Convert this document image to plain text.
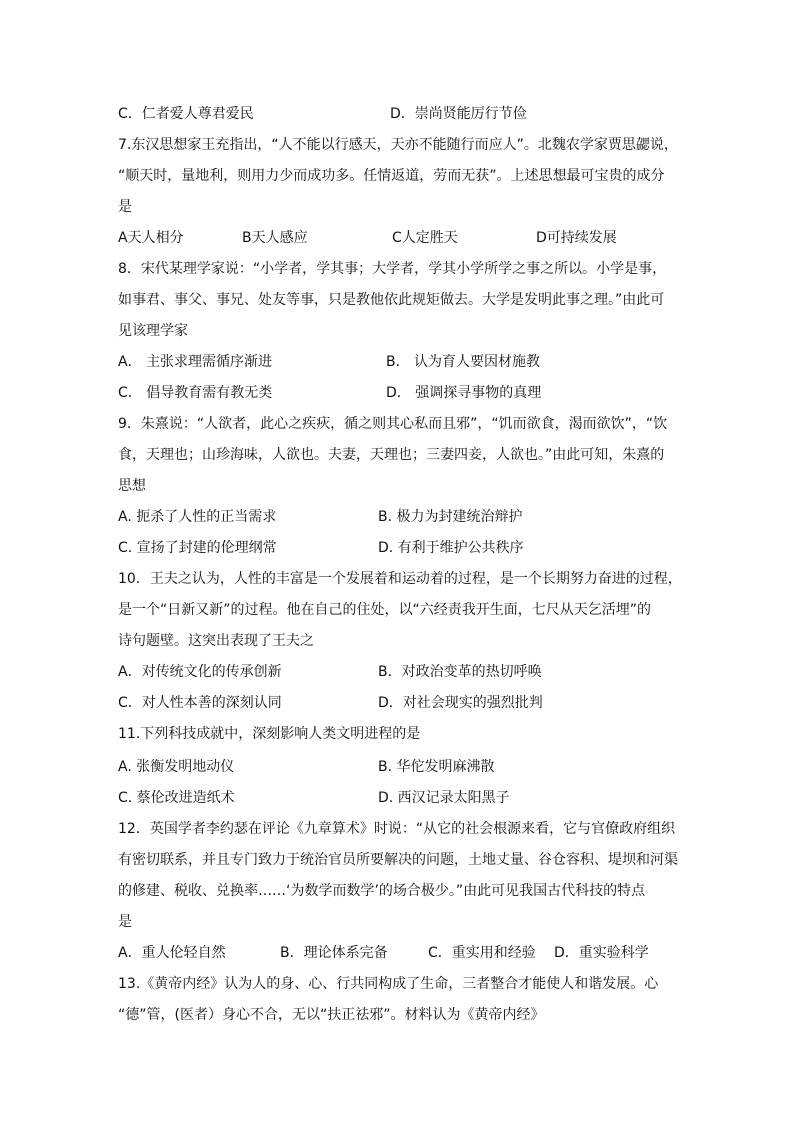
C．仁者爱人尊君爱民	D．崇尚贤能厉行节俭
7.东汉思想家王充指出，“人不能以行感天，天亦不能随行而应人”。北魏农学家贾思勰说，
“顺天时，量地利，则用力少而成功多。任情返道，劳而无获”。上述思想最可宝贵的成分
是
A天人相分	B天人感应	C人定胜天	D可持续发展
8．宋代某理学家说：“小学者，学其事；大学者，学其小学所学之事之所以。小学是事，
如事君、事父、事兄、处友等事，只是教他依此规矩做去。大学是发明此事之理。”由此可
见该理学家
A． 主张求理需循序渐进	B． 认为育人要因材施教
C． 倡导教育需有教无类	D． 强调探寻事物的真理
9．朱熹说：“人欲者，此心之疾疢，循之则其心私而且邪”，“饥而欲食，渴而欲饮”，“饮
食，天理也；山珍海味，人欲也。夫妻，天理也；三妻四妾，人欲也。”由此可知，朱熹的
思想
A. 扼杀了人性的正当需求	B. 极力为封建统治辩护
C. 宣扬了封建的伦理纲常	D. 有利于维护公共秩序
10．王夫之认为，人性的丰富是一个发展着和运动着的过程，是一个长期努力奋进的过程，
是一个“日新又新”的过程。他在自己的住处，以“六经责我开生面，七尺从天乞活埋”的
诗句题壁。这突出表现了王夫之
A．对传统文化的传承创新	B．对政治变革的热切呼唤
C．对人性本善的深刻认同	D．对社会现实的强烈批判
11.下列科技成就中，深刻影响人类文明进程的是
A. 张衡发明地动仪	B. 华佗发明麻沸散
C. 蔡伦改进造纸术	D. 西汉记录太阳黑子
12．英国学者李约瑟在评论《九章算术》时说：“从它的社会根源来看，它与官僚政府组织
有密切联系，并且专门致力于统治官员所要解决的问题，土地丈量、谷仓容积、堤坝和河渠
的修建、税收、兑换率……‘为数学而数学’的场合极少。”由此可见我国古代科技的特点
是
A．重人伦轻自然	B．理论体系完备	C．重实用和经验 D．重实验科学
13.《黄帝内经》认为人的身、心、行共同构成了生命，三者整合才能使人和谐发展。心
“德”管，(医者）身心不合，无以“扶正祛邪”。材料认为《黄帝内经》
